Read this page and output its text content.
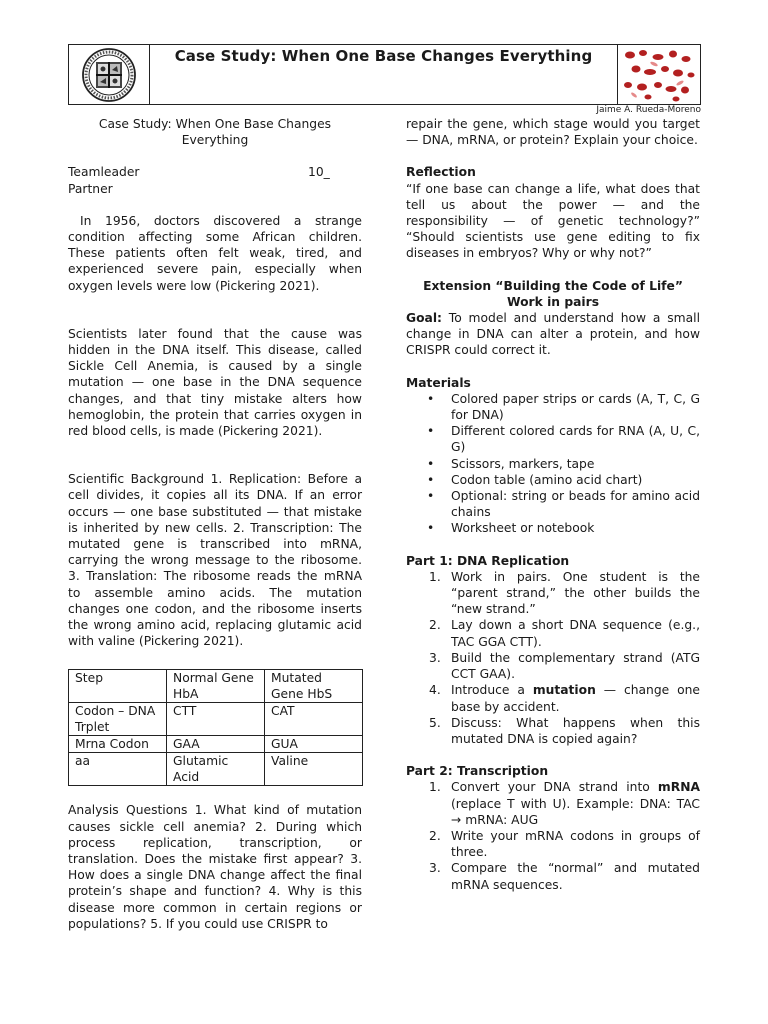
Case Study: When One Base Changes Everything
Jaime A. Rueda-Moreno

Case Study: When One Base Changes Everything

Teamleader	10_

Partner

In 1956, doctors discovered a strange condition affecting some African children. These patients often felt weak, tired, and experienced severe pain, especially when oxygen levels were low (Pickering 2021).

Scientists later found that the cause was hidden in the DNA itself. This disease, called Sickle Cell Anemia, is caused by a single mutation — one base in the DNA sequence changes, and that tiny mistake alters how hemoglobin, the protein that carries oxygen in red blood cells, is made (Pickering 2021).

Scientific Background 1. Replication: Before a cell divides, it copies all its DNA. If an error occurs — one base substituted — that mistake is inherited by new cells. 2. Transcription: The mutated gene is transcribed into mRNA, carrying the wrong message to the ribosome. 3. Translation: The ribosome reads the mRNA to assemble amino acids. The mutation changes one codon, and the ribosome inserts the wrong amino acid, replacing glutamic acid with valine (Pickering 2021).

Step	Normal Gene HbA	Mutated Gene HbS
Codon – DNA Trplet	CTT	CAT
Mrna Codon	GAA	GUA
aa	Glutamic Acid	Valine

Analysis Questions 1. What kind of mutation causes sickle cell anemia? 2. During which process replication, transcription, or translation. Does the mistake first appear? 3. How does a single DNA change affect the final protein’s shape and function? 4. Why is this disease more common in certain regions or populations? 5. If you could use CRISPR to

repair the gene, which stage would you target — DNA, mRNA, or protein? Explain your choice.

Reflection

“If one base can change a life, what does that tell us about the power — and the responsibility — of genetic technology?” “Should scientists use gene editing to fix diseases in embryos? Why or why not?”

Extension “Building the Code of Life”

Work in pairs

Goal: To model and understand how a small change in DNA can alter a protein, and how CRISPR could correct it.

Materials

• Colored paper strips or cards (A, T, C, G for DNA)
• Different colored cards for RNA (A, U, C, G)
• Scissors, markers, tape
• Codon table (amino acid chart)
• Optional: string or beads for amino acid chains
• Worksheet or notebook

Part 1: DNA Replication

1. Work in pairs. One student is the “parent strand,” the other builds the “new strand.”
2. Lay down a short DNA sequence (e.g., TAC GGA CTT).
3. Build the complementary strand (ATG CCT GAA).
4. Introduce a mutation — change one base by accident.
5. Discuss: What happens when this mutated DNA is copied again?

Part 2: Transcription

1. Convert your DNA strand into mRNA (replace T with U). Example: DNA: TAC → mRNA: AUG
2. Write your mRNA codons in groups of three.
3. Compare the “normal” and mutated mRNA sequences.
